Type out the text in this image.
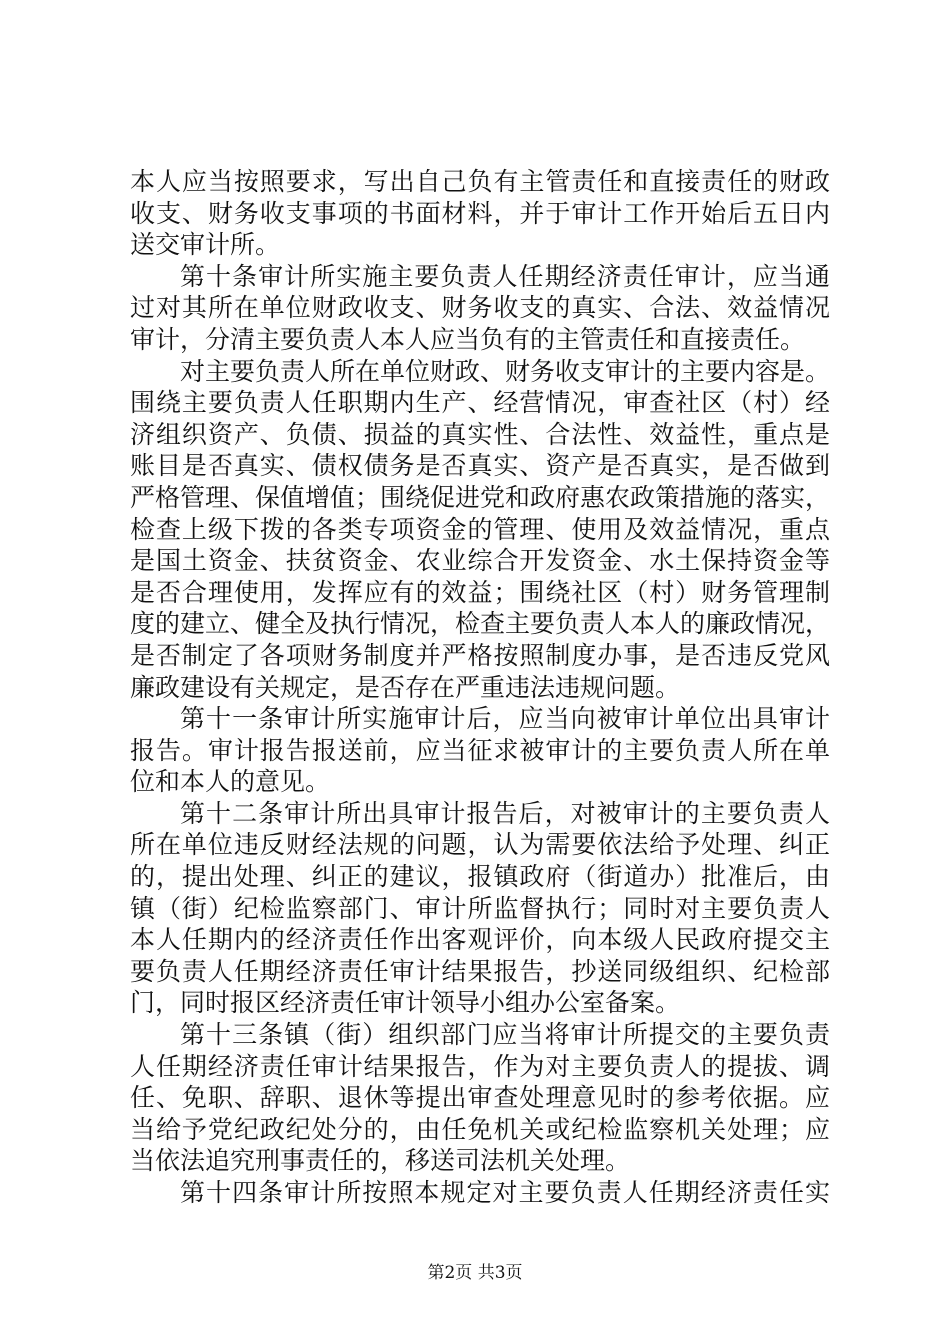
本人应当按照要求，写出自己负有主管责任和直接责任的财政
收支、财务收支事项的书面材料，并于审计工作开始后五日内
送交审计所。
第十条审计所实施主要负责人任期经济责任审计，应当通
过对其所在单位财政收支、财务收支的真实、合法、效益情况
审计，分清主要负责人本人应当负有的主管责任和直接责任。
对主要负责人所在单位财政、财务收支审计的主要内容是。
围绕主要负责人任职期内生产、经营情况，审查社区（村）经
济组织资产、负债、损益的真实性、合法性、效益性，重点是
账目是否真实、债权债务是否真实、资产是否真实，是否做到
严格管理、保值增值；围绕促进党和政府惠农政策措施的落实，
检查上级下拨的各类专项资金的管理、使用及效益情况，重点
是国土资金、扶贫资金、农业综合开发资金、水土保持资金等
是否合理使用，发挥应有的效益；围绕社区（村）财务管理制
度的建立、健全及执行情况，检查主要负责人本人的廉政情况，
是否制定了各项财务制度并严格按照制度办事，是否违反党风
廉政建设有关规定，是否存在严重违法违规问题。
第十一条审计所实施审计后，应当向被审计单位出具审计
报告。审计报告报送前，应当征求被审计的主要负责人所在单
位和本人的意见。
第十二条审计所出具审计报告后，对被审计的主要负责人
所在单位违反财经法规的问题，认为需要依法给予处理、纠正
的，提出处理、纠正的建议，报镇政府（街道办）批准后，由
镇（街）纪检监察部门、审计所监督执行；同时对主要负责人
本人任期内的经济责任作出客观评价，向本级人民政府提交主
要负责人任期经济责任审计结果报告，抄送同级组织、纪检部
门，同时报区经济责任审计领导小组办公室备案。
第十三条镇（街）组织部门应当将审计所提交的主要负责
人任期经济责任审计结果报告，作为对主要负责人的提拔、调
任、免职、辞职、退休等提出审查处理意见时的参考依据。应
当给予党纪政纪处分的，由任免机关或纪检监察机关处理；应
当依法追究刑事责任的，移送司法机关处理。
第十四条审计所按照本规定对主要负责人任期经济责任实
第2页 共3页
